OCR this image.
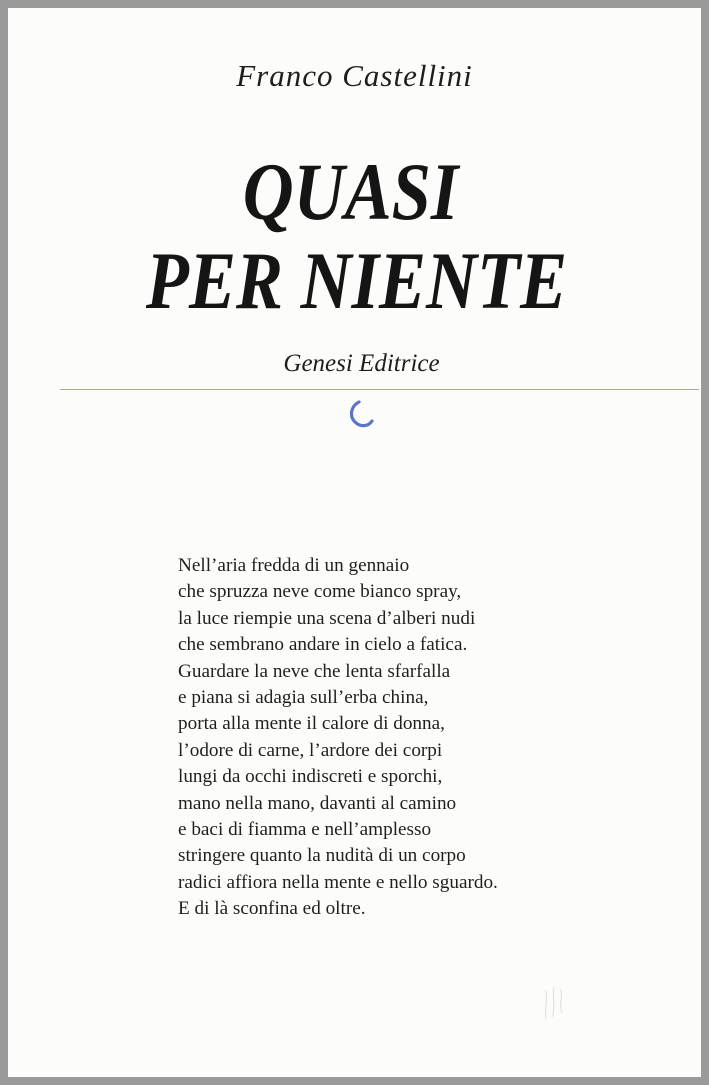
Franco Castellini

QUASI
PER NIENTE

Genesi Editrice

Nell’aria fredda di un gennaio
che spruzza neve come bianco spray,
la luce riempie una scena d’alberi nudi
che sembrano andare in cielo a fatica.
Guardare la neve che lenta sfarfalla
e piana si adagia sull’erba china,
porta alla mente il calore di donna,
l’odore di carne, l’ardore dei corpi
lungi da occhi indiscreti e sporchi,
mano nella mano, davanti al camino
e baci di fiamma e nell’amplesso
stringere quanto la nudità di un corpo
radici affiora nella mente e nello sguardo.
E di là sconfina ed oltre.
